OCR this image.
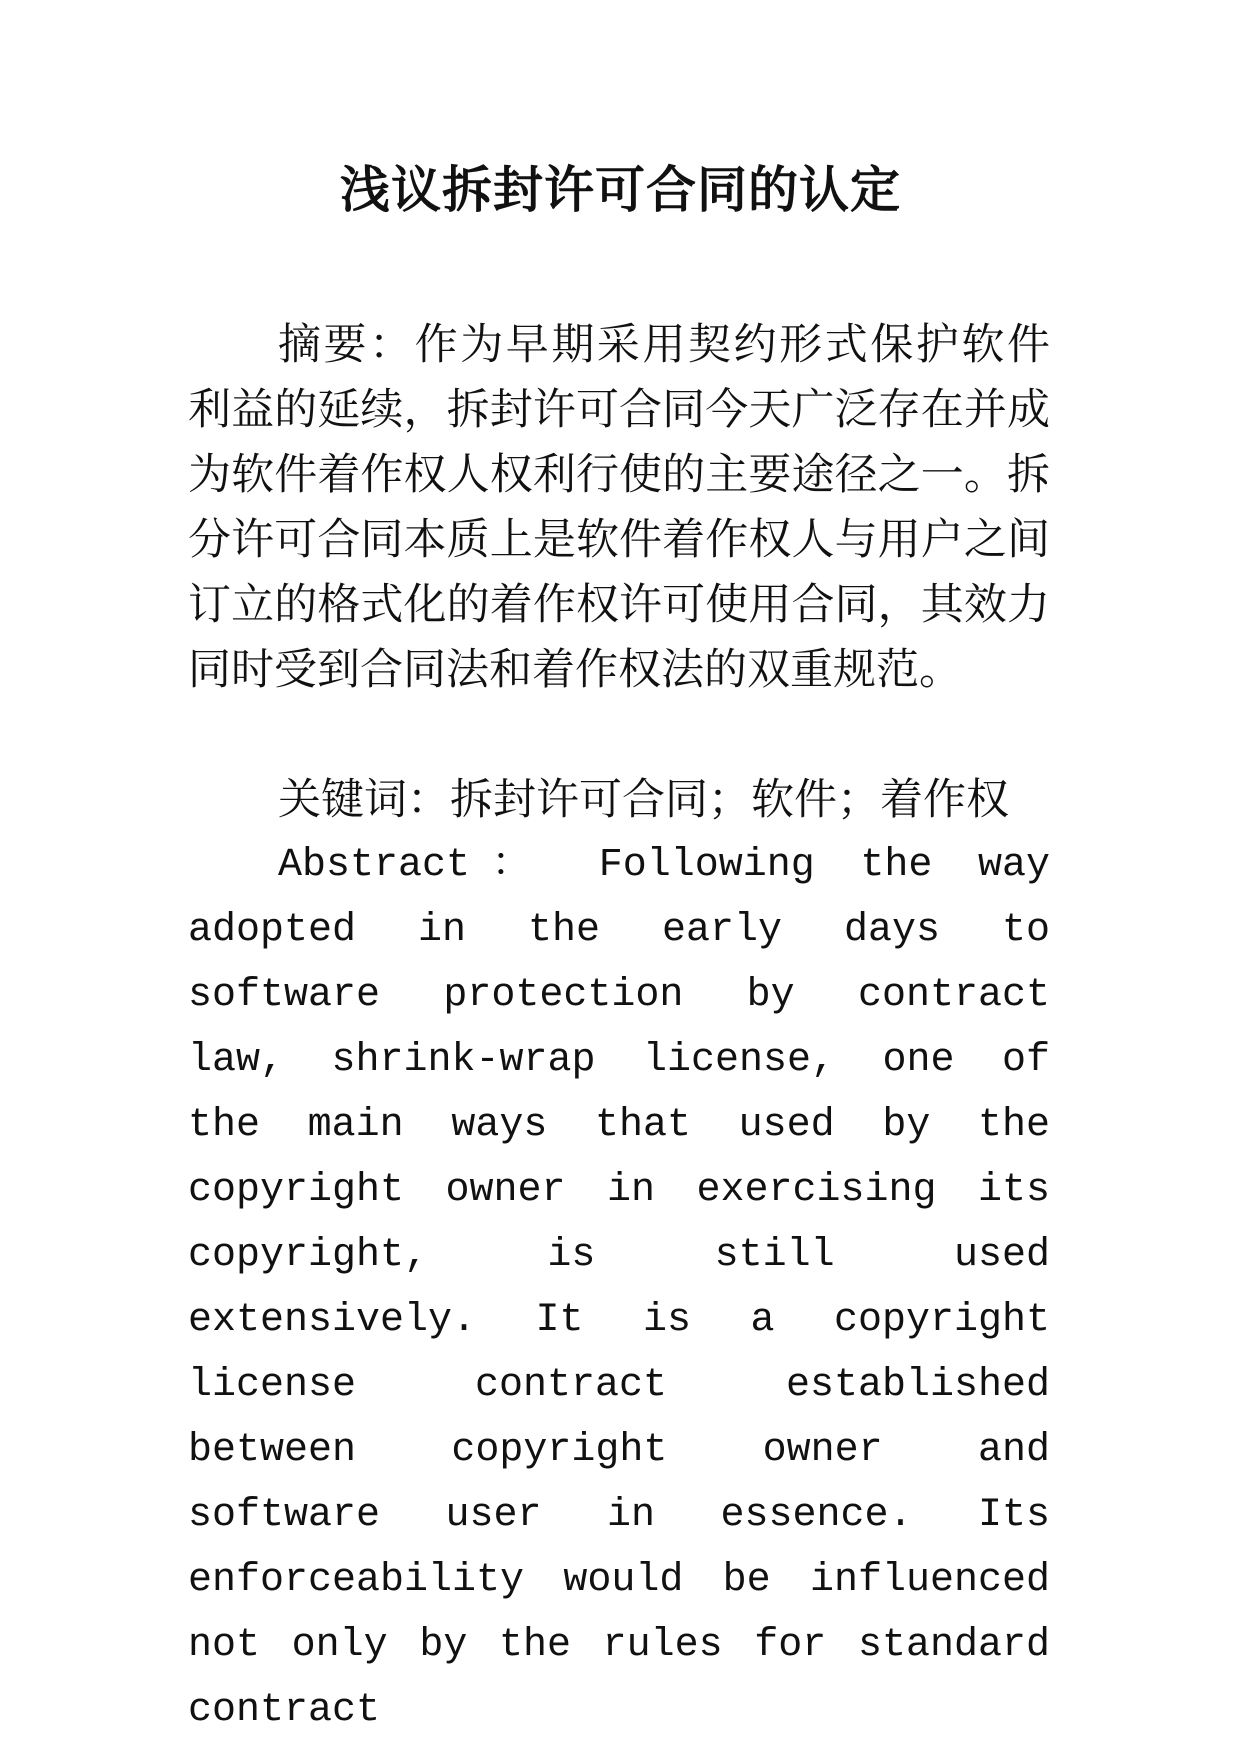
浅议拆封许可合同的认定

摘要：作为早期采用契约形式保护软件利益的延续，拆封许可合同今天广泛存在并成为软件着作权人权利行使的主要途径之一。拆分许可合同本质上是软件着作权人与用户之间订立的格式化的着作权许可使用合同，其效力同时受到合同法和着作权法的双重规范。

关键词：拆封许可合同；软件；着作权

Abstract： Following the way adopted in the early days to software protection by contract law, shrink-wrap license, one of the main ways that used by the copyright owner in exercising its copyright, is still used extensively. It is a copyright license contract established between copyright owner and software user in essence. Its enforceability would be influenced not only by the rules for standard contract
